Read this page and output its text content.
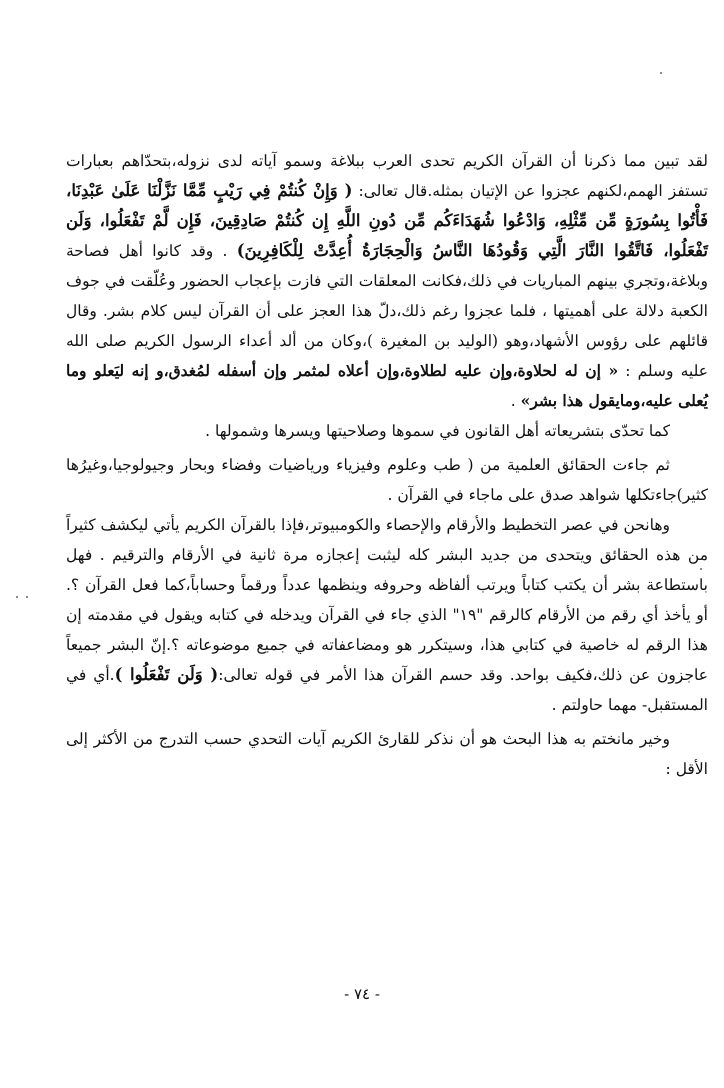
لقد تبين مما ذكرنا أن القرآن الكريم تحدى العرب ببلاغة وسمو آياته لدى نزوله،بتحدّاهم بعبارات تستفز الهمم،لكنهم عجزوا عن الإتيان بمثله.قال تعالى: ( وَإِنْ كُنتُمْ فِي رَيْبٍ مِّمَّا نَزَّلْنَا عَلَىٰ عَبْدِنَا، فَأْتُوا بِسُورَةٍ مِّن مِّثْلِهِ، وَادْعُوا شُهَدَاءَكُم مِّن دُونِ اللَّهِ إِن كُنتُمْ صَادِقِينَ، فَإِن لَّمْ تَفْعَلُوا، وَلَن تَفْعَلُوا، فَاتَّقُوا النَّارَ الَّتِي وَقُودُهَا النَّاسُ وَالْحِجَارَةُ أُعِدَّتْ لِلْكَافِرِينَ) . وقد كانوا أهل فصاحة وبلاغة،وتجري بينهم المباريات في ذلك،فكانت المعلقات التي فازت بإعجاب الحضور وعُلّقت في جوف الكعبة دلالة على أهميتها ، فلما عجزوا رغم ذلك،دلّ هذا العجز على أن القرآن ليس كلام بشر. وقال قائلهم على رؤوس الأشهاد،وهو (الوليد بن المغيرة )،وكان من ألد أعداء الرسول الكريم صلى الله عليه وسلم : « إن له لحلاوة،وإن عليه لطلاوة،وإن أعلاه لمثمر وإن أسفله لمُغدق،و إنه ليَعلو وما يُعلى عليه،ومايقول هذا بشر» .

كما تحدّى بتشريعاته أهل القانون في سموها وصلاحيتها ويسرها وشمولها .

ثم جاءت الحقائق العلمية من ( طب وعلوم وفيزياء ورياضيات وفضاء وبحار وجيولوجيا،وغيرُها كثير)جاءتكلها شواهد صدق على ماجاء في القرآن .

وهانحن في عصر التخطيط والأرقام والإحصاء والكومبيوتر،فإذا بالقرآن الكريم يأتي ليكشف كثيراً من هذه الحقائق ويتحدى من جديد البشر كله ليثبت إعجازه مرة ثانية في الأرقام والترقيم . فهل باستطاعة بشر أن يكتب كتاباً ويرتب ألفاظه وحروفه وينظمها عدداً ورقماً وحساباً،كما فعل القرآن ؟. أو يأخذ أي رقم من الأرقام كالرقم "١٩" الذي جاء في القرآن ويدخله في كتابه ويقول في مقدمته إن هذا الرقم له خاصية في كتابي هذا، وسيتكرر هو ومضاعفاته في جميع موضوعاته ؟.إنّ البشر جميعاً عاجزون عن ذلك،فكيف بواحد. وقد حسم القرآن هذا الأمر في قوله تعالى:( وَلَن تَفْعَلُوا ).أي في المستقبل- مهما حاولتم .

وخير مانختم به هذا البحث هو أن نذكر للقارئ الكريم آيات التحدي حسب التدرج من الأكثر إلى الأقل :

- ٧٤ -
